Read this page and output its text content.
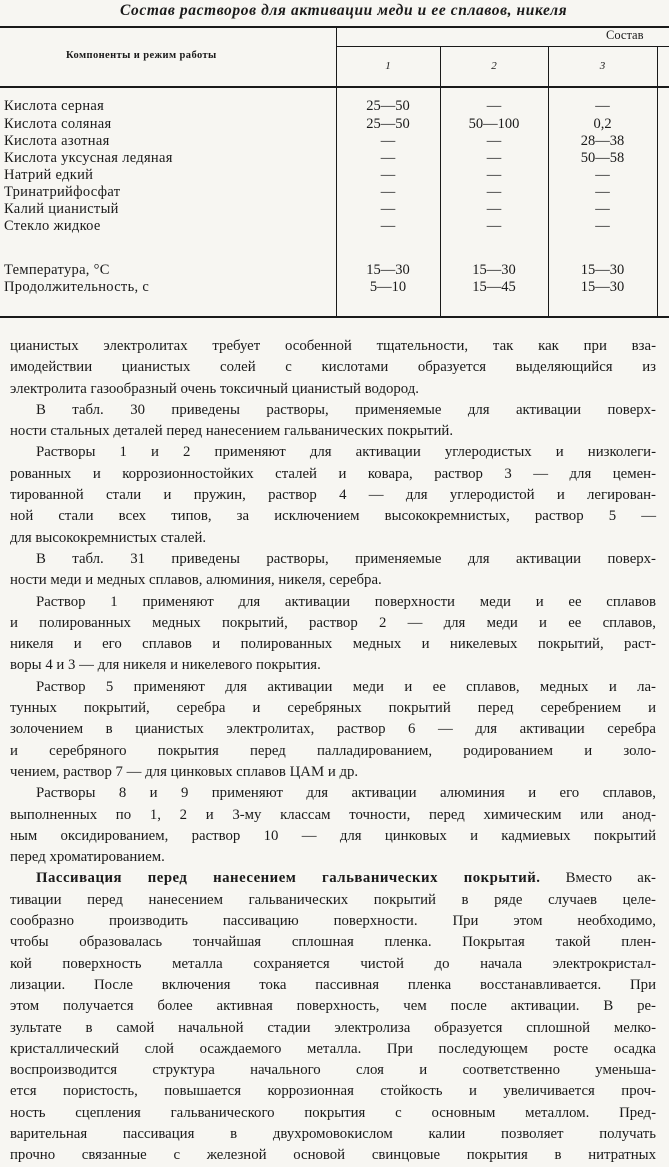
Состав растворов для активации меди и ее сплавов, никеля
Компоненты и режим работы
Состав
1	2	3
Кислота серная	25—50	—	—
Кислота соляная	25—50	50—100	0,2
Кислота азотная	—	—	28—38
Кислота уксусная ледяная	—	—	50—58
Натрий едкий	—	—	—
Тринатрийфосфат	—	—	—
Калий цианистый	—	—	—
Стекло жидкое	—	—	—
Температура, °С	15—30	15—30	15—30
Продолжительность, с	5—10	15—45	15—30

цианистых электролитах требует особенной тщательности, так как при вза-
имодействии цианистых солей с кислотами образуется выделяющийся из
электролита газообразный очень токсичный цианистый водород.

В табл. 30 приведены растворы, применяемые для активации поверх-
ности стальных деталей перед нанесением гальванических покрытий.

Растворы 1 и 2 применяют для активации углеродистых и низколеги-
рованных и коррозионностойких сталей и ковара, раствор 3 — для цемен-
тированной стали и пружин, раствор 4 — для углеродистой и легирован-
ной стали всех типов, за исключением высококремнистых, раствор 5 —
для высококремнистых сталей.

В табл. 31 приведены растворы, применяемые для активации поверх-
ности меди и медных сплавов, алюминия, никеля, серебра.

Раствор 1 применяют для активации поверхности меди и ее сплавов
и полированных медных покрытий, раствор 2 — для меди и ее сплавов,
никеля и его сплавов и полированных медных и никелевых покрытий, раст-
воры 4 и 3 — для никеля и никелевого покрытия.

Раствор 5 применяют для активации меди и ее сплавов, медных и ла-
тунных покрытий, серебра и серебряных покрытий перед серебрением и
золочением в цианистых электролитах, раствор 6 — для активации серебра
и серебряного покрытия перед палладированием, родированием и золо-
чением, раствор 7 — для цинковых сплавов ЦАМ и др.

Растворы 8 и 9 применяют для активации алюминия и его сплавов,
выполненных по 1, 2 и 3-му классам точности, перед химическим или анод-
ным оксидированием, раствор 10 — для цинковых и кадмиевых покрытий
перед хроматированием.

Пассивация перед нанесением гальванических покрытий. Вместо ак-
тивации перед нанесением гальванических покрытий в ряде случаев целе-
сообразно производить пассивацию поверхности. При этом необходимо,
чтобы образовалась тончайшая сплошная пленка. Покрытая такой плен-
кой поверхность металла сохраняется чистой до начала электрокристал-
лизации. После включения тока пассивная пленка восстанавливается. При
этом получается более активная поверхность, чем после активации. В ре-
зультате в самой начальной стадии электролиза образуется сплошной мелко-
кристаллический слой осаждаемого металла. При последующем росте осадка
воспроизводится структура начального слоя и соответственно уменьша-
ется пористость, повышается коррозионная стойкость и увеличивается проч-
ность сцепления гальванического покрытия с основным металлом. Пред-
варительная пассивация в двухромовокислом калии позволяет получать
прочно связанные с железной основой свинцовые покрытия в нитратных
